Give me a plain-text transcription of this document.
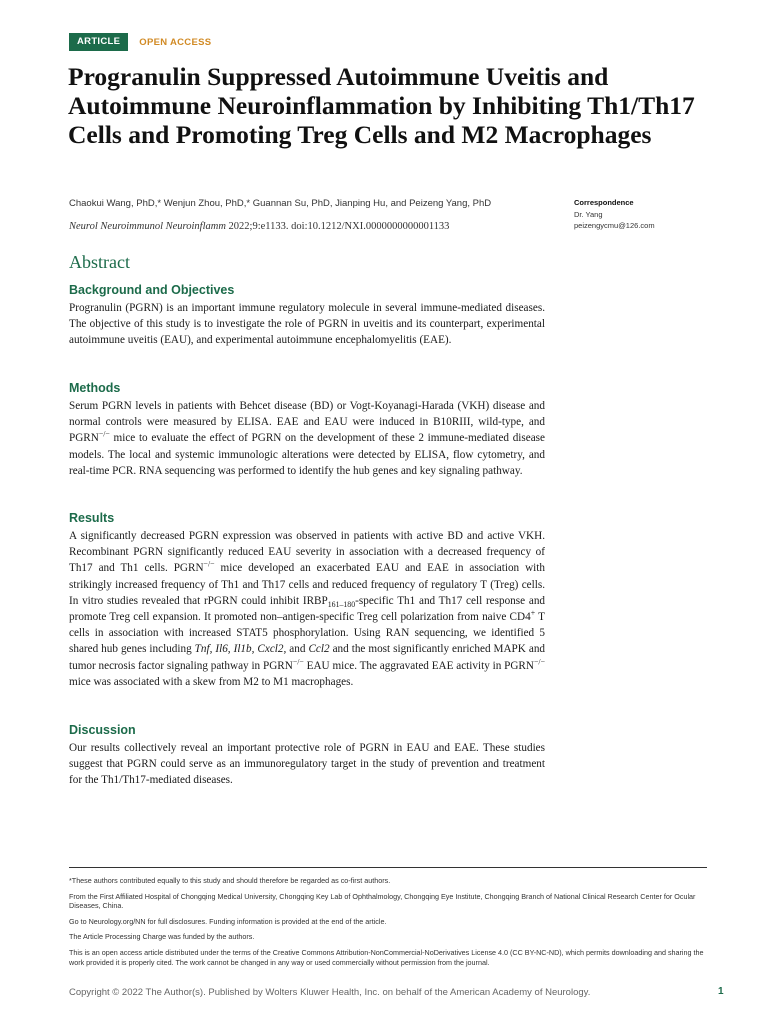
ARTICLE	OPEN ACCESS
Progranulin Suppressed Autoimmune Uveitis and Autoimmune Neuroinflammation by Inhibiting Th1/Th17 Cells and Promoting Treg Cells and M2 Macrophages
Chaokui Wang, PhD,* Wenjun Zhou, PhD,* Guannan Su, PhD, Jianping Hu, and Peizeng Yang, PhD
Neurol Neuroimmunol Neuroinflamm 2022;9:e1133. doi:10.1212/NXI.0000000000001133
Correspondence
Dr. Yang
peizengycmu@126.com
Abstract
Background and Objectives

Progranulin (PGRN) is an important immune regulatory molecule in several immune-mediated diseases. The objective of this study is to investigate the role of PGRN in uveitis and its counterpart, experimental autoimmune uveitis (EAU), and experimental autoimmune encephalomyelitis (EAE).

Methods

Serum PGRN levels in patients with Behcet disease (BD) or Vogt-Koyanagi-Harada (VKH) disease and normal controls were measured by ELISA. EAE and EAU were induced in B10RIII, wild-type, and PGRN−/− mice to evaluate the effect of PGRN on the development of these 2 immune-mediated disease models. The local and systemic immunologic alterations were detected by ELISA, flow cytometry, and real-time PCR. RNA sequencing was performed to identify the hub genes and key signaling pathway.

Results

A significantly decreased PGRN expression was observed in patients with active BD and active VKH. Recombinant PGRN significantly reduced EAU severity in association with a decreased frequency of Th17 and Th1 cells. PGRN−/− mice developed an exacerbated EAU and EAE in association with strikingly increased frequency of Th1 and Th17 cells and reduced frequency of regulatory T (Treg) cells. In vitro studies revealed that rPGRN could inhibit $IRBP_{161-180}$-specific Th1 and Th17 cell response and promote Treg cell expansion. It promoted non–antigen-specific Treg cell polarization from naive CD4+ T cells in association with increased STAT5 phosphorylation. Using RAN sequencing, we identified 5 shared hub genes including Tnf, Il6, Il1b, Cxcl2, and Ccl2 and the most significantly enriched MAPK and tumor necrosis factor signaling pathway in PGRN−/− EAU mice. The aggravated EAE activity in PGRN−/− mice was associated with a skew from M2 to M1 macrophages.

Discussion

Our results collectively reveal an important protective role of PGRN in EAU and EAE. These studies suggest that PGRN could serve as an immunoregulatory target in the study of prevention and treatment for the Th1/Th17-mediated diseases.

*These authors contributed equally to this study and should therefore be regarded as co-first authors.

From the First Affiliated Hospital of Chongqing Medical University, Chongqing Key Lab of Ophthalmology, Chongqing Eye Institute, Chongqing Branch of National Clinical Research Center for Ocular Diseases, China.

Go to Neurology.org/NN for full disclosures. Funding information is provided at the end of the article.

The Article Processing Charge was funded by the authors.

This is an open access article distributed under the terms of the Creative Commons Attribution-NonCommercial-NoDerivatives License 4.0 (CC BY-NC-ND), which permits downloading and sharing the work provided it is properly cited. The work cannot be changed in any way or used commercially without permission from the journal.

Copyright © 2022 The Author(s). Published by Wolters Kluwer Health, Inc. on behalf of the American Academy of Neurology.	1
